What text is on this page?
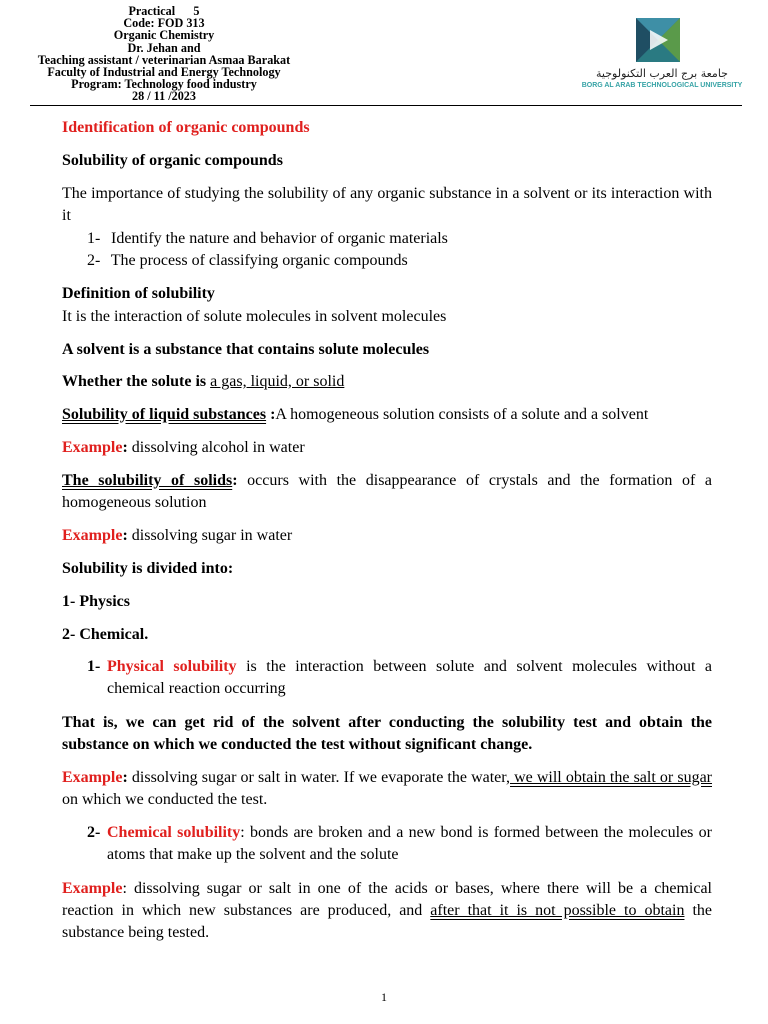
Practical      5
Code: FOD 313
Organic Chemistry
Dr. Jehan and
Teaching assistant / veterinarian Asmaa Barakat
Faculty of Industrial and Energy Technology
Program: Technology food industry
28 / 11 /2023
جامعة برج العرب التكنولوجية
BORG AL ARAB TECHNOLOGICAL UNIVERSITY
Identification of organic compounds
Solubility of organic compounds
The importance of studying the solubility of any organic substance in a solvent or its interaction with it
1- Identify the nature and behavior of organic materials
2- The process of classifying organic compounds
Definition of solubility
It is the interaction of solute molecules in solvent molecules
A solvent is a substance that contains solute molecules
Whether the solute is a gas, liquid, or solid
Solubility of liquid substances :A homogeneous solution consists of a solute and a solvent
Example: dissolving alcohol in water
The solubility of solids: occurs with the disappearance of crystals and the formation of a homogeneous solution
Example: dissolving sugar in water
Solubility is divided into:
1- Physics
2- Chemical.
1- Physical solubility is the interaction between solute and solvent molecules without a chemical reaction occurring
That is, we can get rid of the solvent after conducting the solubility test and obtain the substance on which we conducted the test without significant change.
Example: dissolving sugar or salt in water. If we evaporate the water, we will obtain the salt or sugar on which we conducted the test.
2- Chemical solubility: bonds are broken and a new bond is formed between the molecules or atoms that make up the solvent and the solute
Example: dissolving sugar or salt in one of the acids or bases, where there will be a chemical reaction in which new substances are produced, and after that it is not possible to obtain the substance being tested.
1
